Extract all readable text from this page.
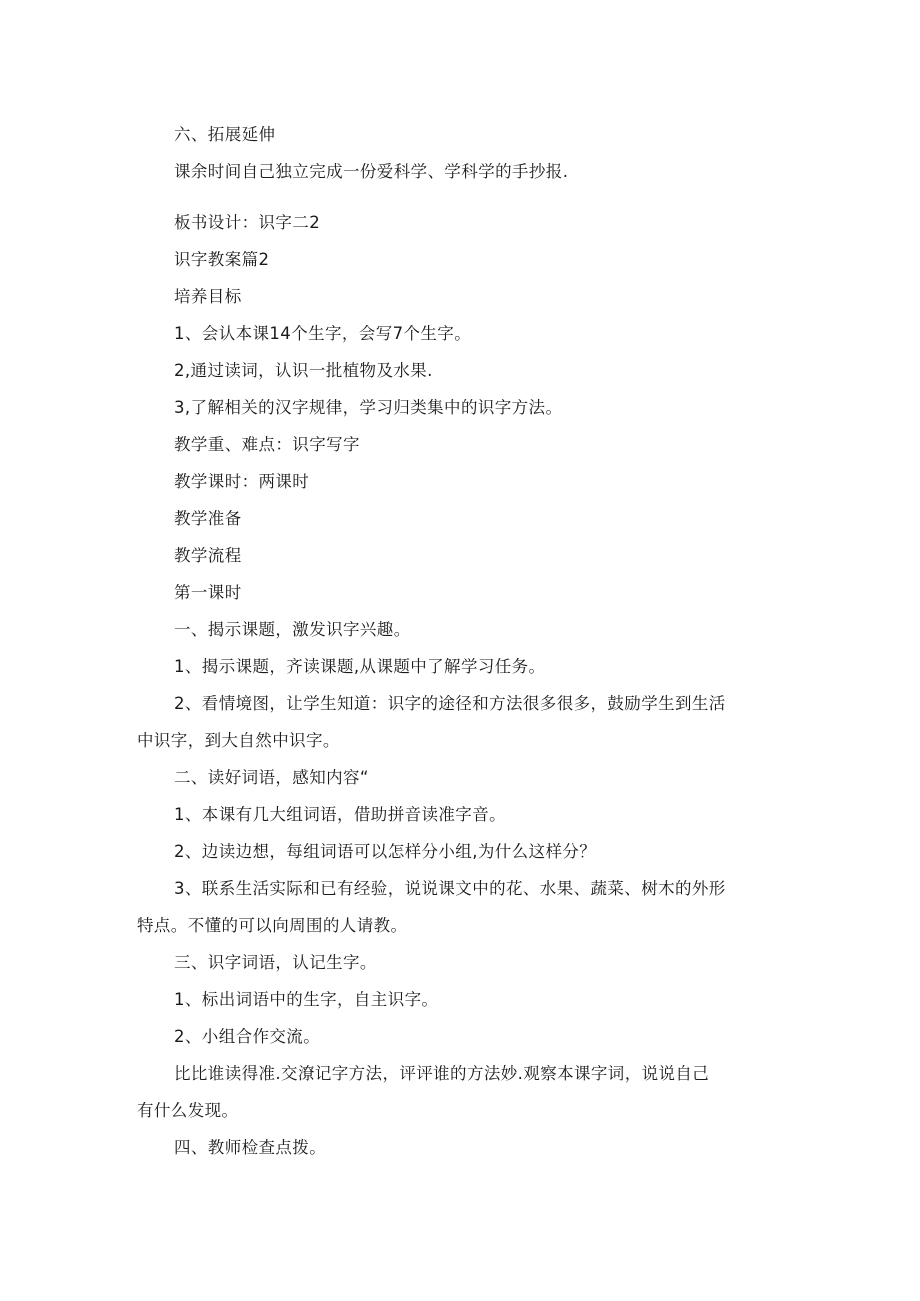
六、拓展延伸
课余时间自己独立完成一份爱科学、学科学的手抄报.
板书设计：识字二2
识字教案篇2
培养目标
1、会认本课14个生字，会写7个生字。
2,通过读词，认识一批植物及水果.
3,了解相关的汉字规律，学习归类集中的识字方法。
教学重、难点：识字写字
教学课时：两课时
教学准备
教学流程
第一课时
一、揭示课题，激发识字兴趣。
1、揭示课题，齐读课题,从课题中了解学习任务。
2、看情境图，让学生知道：识字的途径和方法很多很多，鼓励学生到生活
中识字，到大自然中识字。
二、读好词语，感知内容“
1、本课有几大组词语，借助拼音读准字音。
2、边读边想，每组词语可以怎样分小组,为什么这样分？
3、联系生活实际和已有经验，说说课文中的花、水果、蔬菜、树木的外形
特点。不懂的可以向周围的人请教。
三、识字词语，认记生字。
1、标出词语中的生字，自主识字。
2、小组合作交流。
比比谁读得准.交潦记字方法，评评谁的方法妙.观察本课字词，说说自己
有什么发现。
四、教师检查点拨。
